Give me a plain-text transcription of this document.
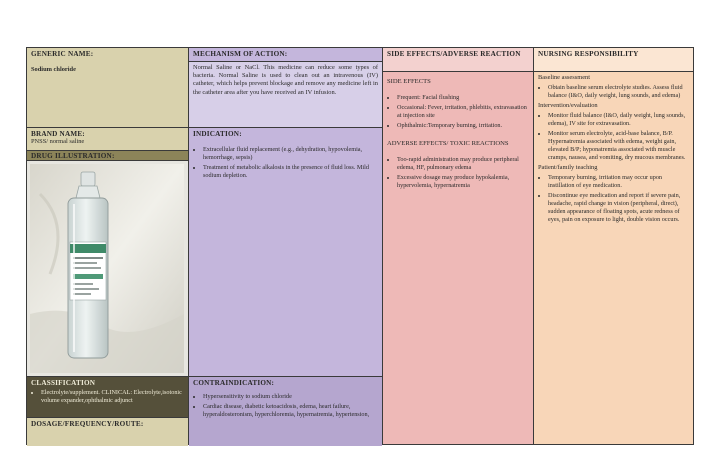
GENERIC NAME:
Sodium chloride
BRAND NAME:
PNSS/ normal saline
DRUG ILLUSTRATION:
CLASSIFICATION
• Electrolyte/supplement. CLINICAL: Electrolyte,isotonic volume expander,ophthalmic adjunct
DOSAGE/FREQUENCY/ROUTE:
MECHANISM OF ACTION:
Normal Saline or NaCl. This medicine can reduce some types of bacteria. Normal Saline is used to clean out an intravenous (IV) catheter, which helps prevent blockage and remove any medicine left in the catheter area after you have received an IV infusion.
INDICATION:
• Extracellular fluid replacement (e.g., dehydration, hypovolemia, hemorrhage, sepsis)
• Treatment of metabolic alkalosis in the presence of fluid loss. Mild sodium depletion.
CONTRAINDICATION:
• Hypersensitivity to sodium chloride
• Cardiac disease, diabetic ketoacidosis, edema, heart failure, hyperaldosteronism, hyperchloremia, hypernatremia, hypertension,
SIDE EFFECTS/ADVERSE REACTION
SIDE EFFECTS
• Frequent: Facial flushing
• Occasional: Fever, irritation, phlebitis, extravasation at injection site
• Ophthalmic:Temporary burning, irritation.
ADVERSE EFFECTS/ TOXIC REACTIONS
• Too-rapid administration may produce peripheral edema, HF, pulmonary edema
• Excessive dosage may produce hypokalemia, hypervolemia, hypernatremia
NURSING RESPONSIBILITY
Baseline assessment
• Obtain baseline serum electrolyte studies. Assess fluid balance (I&O, daily weight, lung sounds, and edema)
Intervention/evaluation
• Monitor fluid balance (I&O, daily weight, lung sounds, edema), IV site for extravasation.
• Monitor serum electrolyte, acid-base balance, B/P. Hypernatremia associated with edema, weight gain, elevated B/P; hyponatremia associated with muscle cramps, nausea, and vomiting, dry mucous membranes.
Patient/family teaching
• Temporary burning, irritation may occur upon instillation of eye medication.
• Discontinue eye medication and report if severe pain, headache, rapid change in vision (peripheral, direct), sudden appearance of floating spots, acute redness of eyes, pain on exposure to light, double vision occurs.
